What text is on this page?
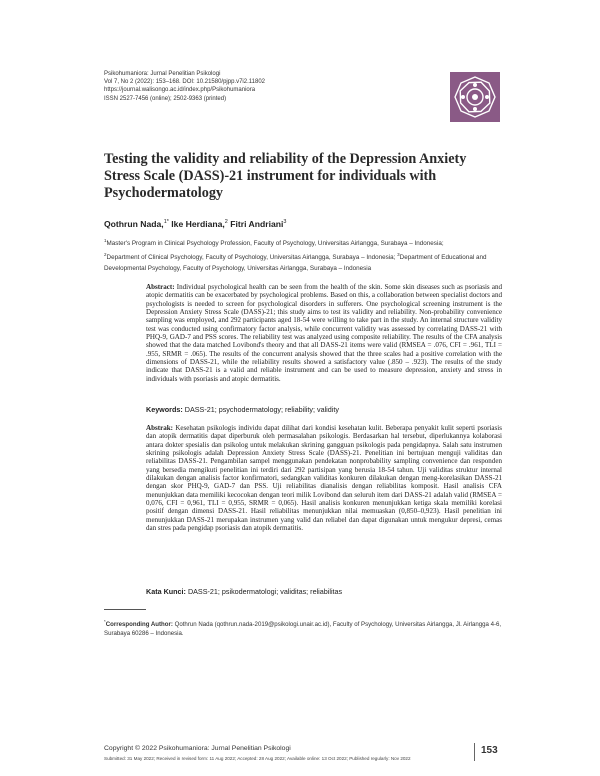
Psikohumaniora: Jurnal Penelitian Psikologi
Vol 7, No 2 (2022): 153–168. DOI: 10.21580/pjpp.v7i2.11802
https://journal.walisongo.ac.id/index.php/Psikohumaniora
ISSN 2527-7456 (online); 2502-9363 (printed)
Testing the validity and reliability of the Depression Anxiety Stress Scale (DASS)-21 instrument for individuals with Psychodermatology
Qothrun Nada,$^{1*}$ Ike Herdiana,$^2$ Fitri Andriani$^3$
$^1$Master's Program in Clinical Psychology Profession, Faculty of Psychology, Universitas Airlangga, Surabaya – Indonesia;
$^2$Department of Clinical Psychology, Faculty of Psychology, Universitas Airlangga, Surabaya – Indonesia; $^3$Department of Educational and Developmental Psychology, Faculty of Psychology, Universitas Airlangga, Surabaya – Indonesia
Abstract: Individual psychological health can be seen from the health of the skin. Some skin diseases such as psoriasis and atopic dermatitis can be exacerbated by psychological problems. Based on this, a collaboration between specialist doctors and psychologists is needed to screen for psychological disorders in sufferers. One psychological screening instrument is the Depression Anxiety Stress Scale (DASS)-21; this study aims to test its validity and reliability. Non-probability convenience sampling was employed, and 292 participants aged 18-54 were willing to take part in the study. An internal structure validity test was conducted using confirmatory factor analysis, while concurrent validity was assessed by correlating DASS-21 with PHQ-9, GAD-7 and PSS scores. The reliability test was analyzed using composite reliability. The results of the CFA analysis showed that the data matched Lovibond's theory and that all DASS-21 items were valid (RMSEA = .076, CFI = .961, TLI = .955, SRMR = .065). The results of the concurrent analysis showed that the three scales had a positive correlation with the dimensions of DASS-21, while the reliability results showed a satisfactory value (.850 – .923). The results of the study indicate that DASS-21 is a valid and reliable instrument and can be used to measure depression, anxiety and stress in individuals with psoriasis and atopic dermatitis.
Keywords: DASS-21; psychodermatology; reliability; validity
Abstrak: Kesehatan psikologis individu dapat dilihat dari kondisi kesehatan kulit. Beberapa penyakit kulit seperti psoriasis dan atopik dermatitis dapat diperburuk oleh permasalahan psikologis. Berdasarkan hal tersebut, diperlukannya kolaborasi antara dokter spesialis dan psikolog untuk melakukan skrining gangguan psikologis pada pengidapnya. Salah satu instrumen skrining psikologis adalah Depression Anxiety Stress Scale (DASS)-21. Penelitian ini bertujuan menguji validitas dan reliabilitas DASS-21. Pengambilan sampel menggunakan pendekatan nonprobability sampling convenience dan responden yang bersedia mengikuti penelitian ini terdiri dari 292 partisipan yang berusia 18-54 tahun. Uji validitas struktur internal dilakukan dengan analisis factor konfirmatori, sedangkan validitas konkuren dilakukan dengan meng-korelasikan DASS-21 dengan skor PHQ-9, GAD-7 dan PSS. Uji reliabilitas dianalisis dengan reliabilitas komposit. Hasil analisis CFA menunjukkan data memiliki kecocokan dengan teori milik Lovibond dan seluruh item dari DASS-21 adalah valid (RMSEA = 0,076, CFI = 0,961, TLI = 0,955, SRMR = 0,065). Hasil analisis konkuren menunjukkan ketiga skala memiliki korelasi positif dengan dimensi DASS-21. Hasil reliabilitas menunjukkan nilai memuaskan (0,850–0,923). Hasil penelitian ini menunjukkan DASS-21 merupakan instrumen yang valid dan reliabel dan dapat digunakan untuk mengukur depresi, cemas dan stres pada pengidap psoriasis dan atopik dermatitis.
Kata Kunci: DASS-21; psikodermatologi; validitas; reliabilitas
*Corresponding Author: Qothrun Nada (qothrun.nada-2019@psikologi.unair.ac.id), Faculty of Psychology, Universitas Airlangga, Jl. Airlangga 4-6, Surabaya 60286 – Indonesia.
Copyright © 2022 Psikohumaniora: Jurnal Penelitian Psikologi
Submitted: 31 May 2022; Received in revised form: 11 Aug 2022; Accepted: 28 Aug 2022; Available online: 13 Oct 2022; Published regularly: Nov 2022
153
